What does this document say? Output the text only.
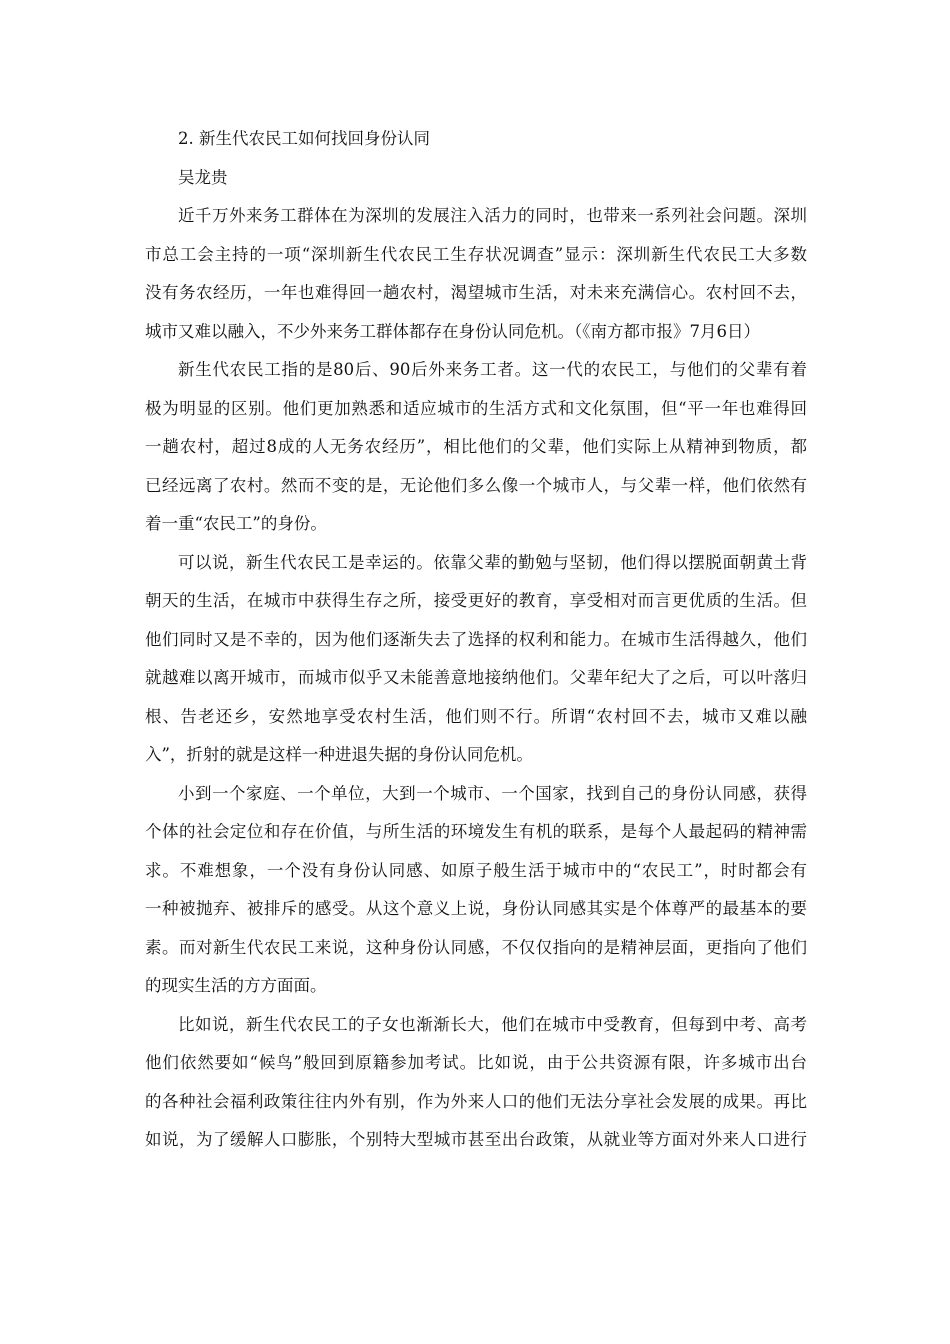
2. 新生代农民工如何找回身份认同
吴龙贵
近千万外来务工群体在为深圳的发展注入活力的同时，也带来一系列社会问题。深圳
市总工会主持的一项“深圳新生代农民工生存状况调查”显示：深圳新生代农民工大多数
没有务农经历，一年也难得回一趟农村，渴望城市生活，对未来充满信心。农村回不去，
城市又难以融入，不少外来务工群体都存在身份认同危机。（《南方都市报》7月6日）
新生代农民工指的是80后、90后外来务工者。这一代的农民工，与他们的父辈有着
极为明显的区别。他们更加熟悉和适应城市的生活方式和文化氛围，但“平一年也难得回
一趟农村，超过8成的人无务农经历”，相比他们的父辈，他们实际上从精神到物质，都
已经远离了农村。然而不变的是，无论他们多么像一个城市人，与父辈一样，他们依然有
着一重“农民工”的身份。
可以说，新生代农民工是幸运的。依靠父辈的勤勉与坚韧，他们得以摆脱面朝黄土背
朝天的生活，在城市中获得生存之所，接受更好的教育，享受相对而言更优质的生活。但
他们同时又是不幸的，因为他们逐渐失去了选择的权利和能力。在城市生活得越久，他们
就越难以离开城市，而城市似乎又未能善意地接纳他们。父辈年纪大了之后，可以叶落归
根、告老还乡，安然地享受农村生活，他们则不行。所谓“农村回不去，城市又难以融
入”，折射的就是这样一种进退失据的身份认同危机。
小到一个家庭、一个单位，大到一个城市、一个国家，找到自己的身份认同感，获得
个体的社会定位和存在价值，与所生活的环境发生有机的联系，是每个人最起码的精神需
求。不难想象，一个没有身份认同感、如原子般生活于城市中的“农民工”，时时都会有
一种被抛弃、被排斥的感受。从这个意义上说，身份认同感其实是个体尊严的最基本的要
素。而对新生代农民工来说，这种身份认同感，不仅仅指向的是精神层面，更指向了他们
的现实生活的方方面面。
比如说，新生代农民工的子女也渐渐长大，他们在城市中受教育，但每到中考、高考
他们依然要如“候鸟”般回到原籍参加考试。比如说，由于公共资源有限，许多城市出台
的各种社会福利政策往往内外有别，作为外来人口的他们无法分享社会发展的成果。再比
如说，为了缓解人口膨胀，个别特大型城市甚至出台政策，从就业等方面对外来人口进行
